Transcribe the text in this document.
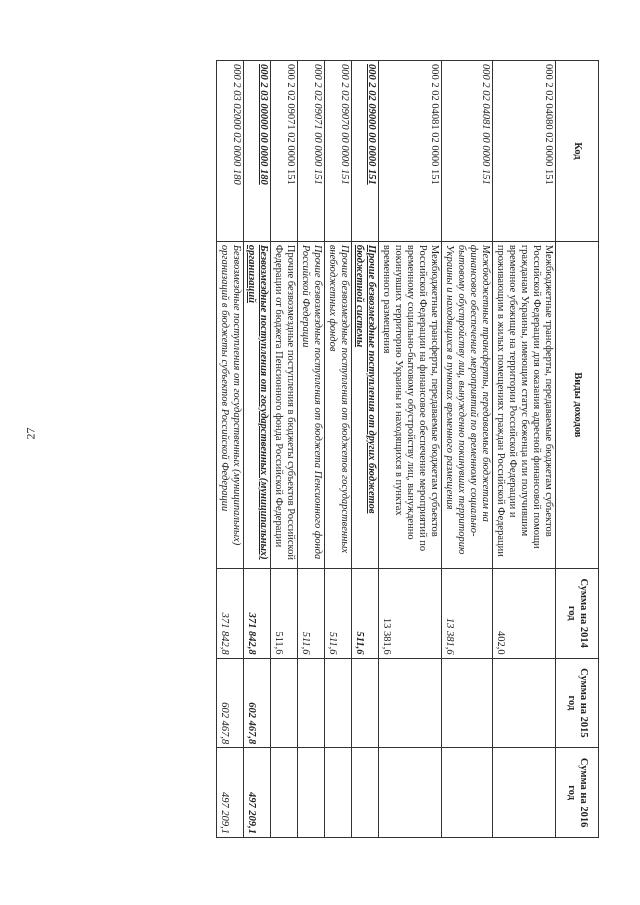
27
Код	Виды доходов	Сумма на 2014 год	Сумма на 2015 год	Сумма на 2016 год
000 2 02 04080 02 0000 151	Межбюджетные трансферты, передаваемые бюджетам субъектов Российской Федерации для оказания адресной финансовой помощи гражданам Украины, имеющим статус беженца или получившим временное убежище на территории Российской Федерации и проживающим в жилых помещениях граждан Российской Федерации	402,0		
000 2 02 04081 00 0000 151	Межбюджетные трансферты, передаваемые бюджетам на финансовое обеспечение мероприятий по временному социально-бытовому обустройству лиц, вынужденно покинувших территорию Украины и находящихся в пунктах временного размещения	13 381,6		
000 2 02 04081 02 0000 151	Межбюджетные трансферты, передаваемые бюджетам субъектов Российской Федерации на финансовое обеспечение мероприятий по временному социально-бытовому обустройству лиц, вынужденно покинувших территорию Украины и находящихся в пунктах временного размещения	13 381,6		
000 2 02 09000 00 0000 151	Прочие безвозмездные поступления от других бюджетов бюджетной системы	511,6		
000 2 02 09070 00 0000 151	Прочие безвозмездные поступления от бюджетов государственных внебюджетных фондов	511,6		
000 2 02 09071 00 0000 151	Прочие безвозмездные поступления от бюджета Пенсионного фонда Российской Федерации	511,6		
000 2 02 09071 02 0000 151	Прочие безвозмездные поступления в бюджеты субъектов Российской Федерации от бюджета Пенсионного фонда Российской Федерации	511,6		
000 2 03 00000 00 0000 180	Безвозмездные поступления от государственных (муниципальных) организаций	371 842,8	602 467,8	497 209,1
000 2 03 02000 02 0000 180	Безвозмездные поступления от государственных (муниципальных) организаций в бюджеты субъектов Российской Федерации	371 842,8	602 467,8	497 209,1
